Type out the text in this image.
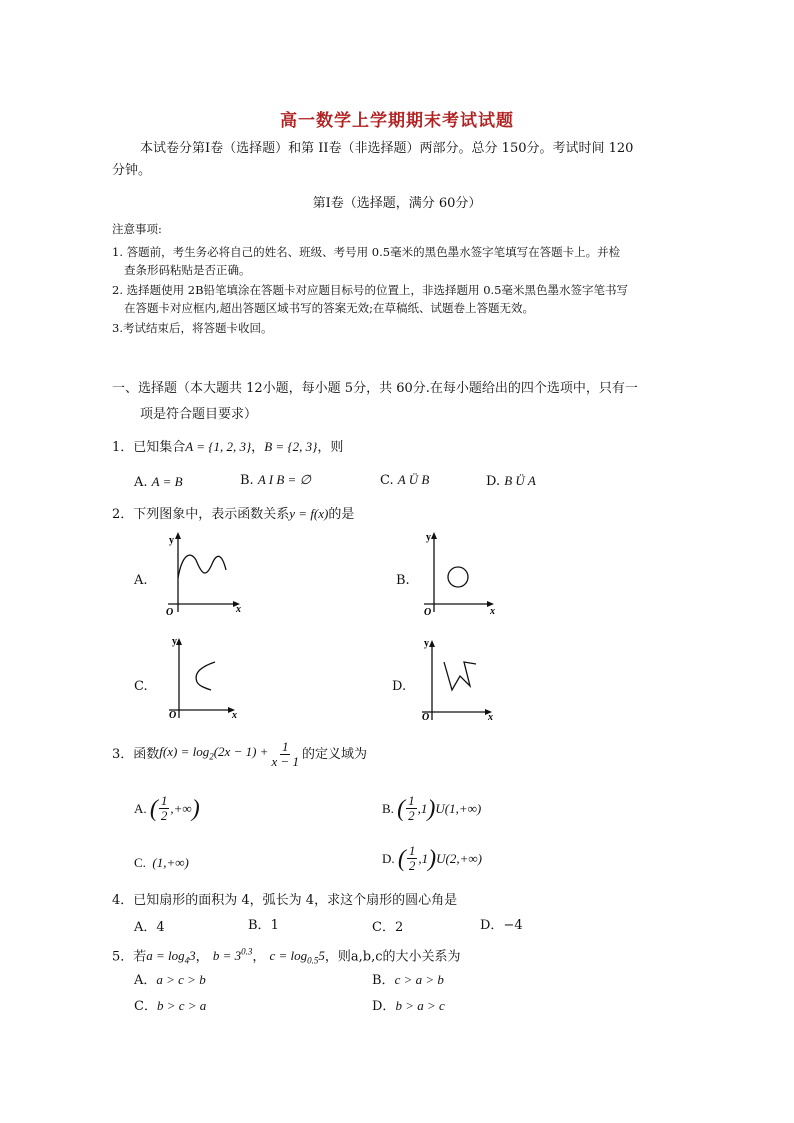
高一数学上学期期末考试试题
本试卷分第Ⅰ卷（选择题）和第 II卷（非选择题）两部分。总分 150分。考试时间 120
分钟。
第Ⅰ卷（选择题，满分 60分）
注意事项:
1. 答题前，考生务必将自己的姓名、班级、考号用 0.5毫米的黑色墨水签字笔填写在答题卡上。并检
查条形码粘贴是否正确。
2. 选择题使用 2B铅笔填涂在答题卡对应题目标号的位置上，非选择题用 0.5毫米黑色墨水签字笔书写
在答题卡对应框内,超出答题区域书写的答案无效;在草稿纸、试题卷上答题无效。
3.考试结束后，将答题卡收回。
一、选择题（本大题共 12小题，每小题 5分，共 60分.在每小题给出的四个选项中，只有一
项是符合题目要求）
1．已知集合A = {1, 2, 3}，B = {2, 3}，则
A. A = B	B. A I B = ∅	C. A Ü B	D. B Ü A
2．下列图象中，表示函数关系y = f(x)的是
A.
y
x
O
B.
y
x
O
C.
y
x
O
D.
y
x
O
3．函数 $f(x) = \log_2(2x - 1) + \frac{1}{x - 1}$ 的定义域为
A.
( $\frac{1}{2}$ ,+∞ )	B.
( $\frac{1}{2} ,1$ ) U(1,+∞)
C. (1,+∞)	D.
( $\frac{1}{2} ,1$ ) U(2,+∞)
4．已知扇形的面积为 4，弧长为 4，求这个扇形的圆心角是
A．4	B．1	C．2	D．−4
5．若$a = \log_43$， $b = 3^{0.3}$， $c = \log_{0.5}5$，则a,b,c的大小关系为
A．a > c > b	B．c > a > b
C．b > c > a	D．b > a > c
